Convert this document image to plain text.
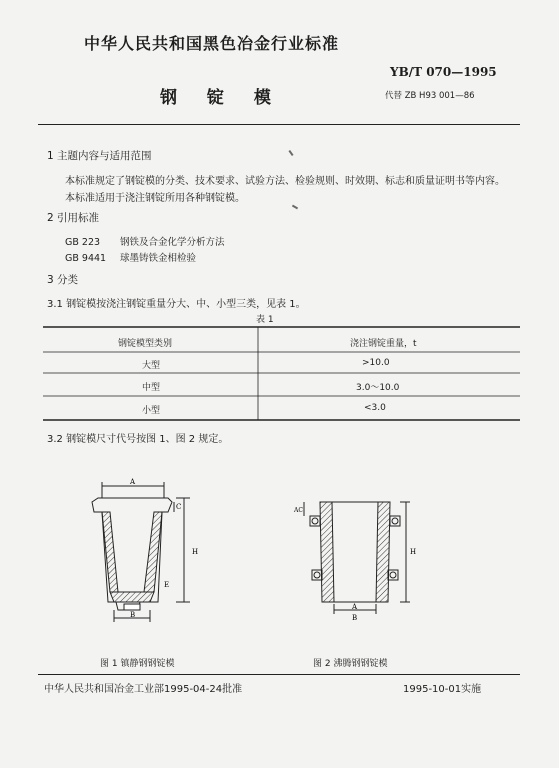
中华人民共和国黑色冶金行业标准
YB/T 070—1995
钢 锭 模	代替 ZB H93 001—86
1 主题内容与适用范围
本标准规定了钢锭模的分类、技术要求、试验方法、检验规则、时效期、标志和质量证明书等内容。
本标准适用于浇注钢锭所用各种钢锭模。
2 引用标准
GB 223 钢铁及合金化学分析方法
GB 9441 球墨铸铁金相检验
3 分类
3.1 钢锭模按浇注钢锭重量分大、中、小型三类，见表 1。
表 1
钢锭模型类别	浇注钢锭重量，t
大型	>10.0
中型	3.0～10.0
小型	<3.0
3.2 钢锭模尺寸代号按图 1、图 2 规定。
A
C
H
E
B
AC
H
A
B
图 1 镇静钢钢锭模	图 2 沸腾钢钢锭模
中华人民共和国冶金工业部1995-04-24批准	1995-10-01实施
